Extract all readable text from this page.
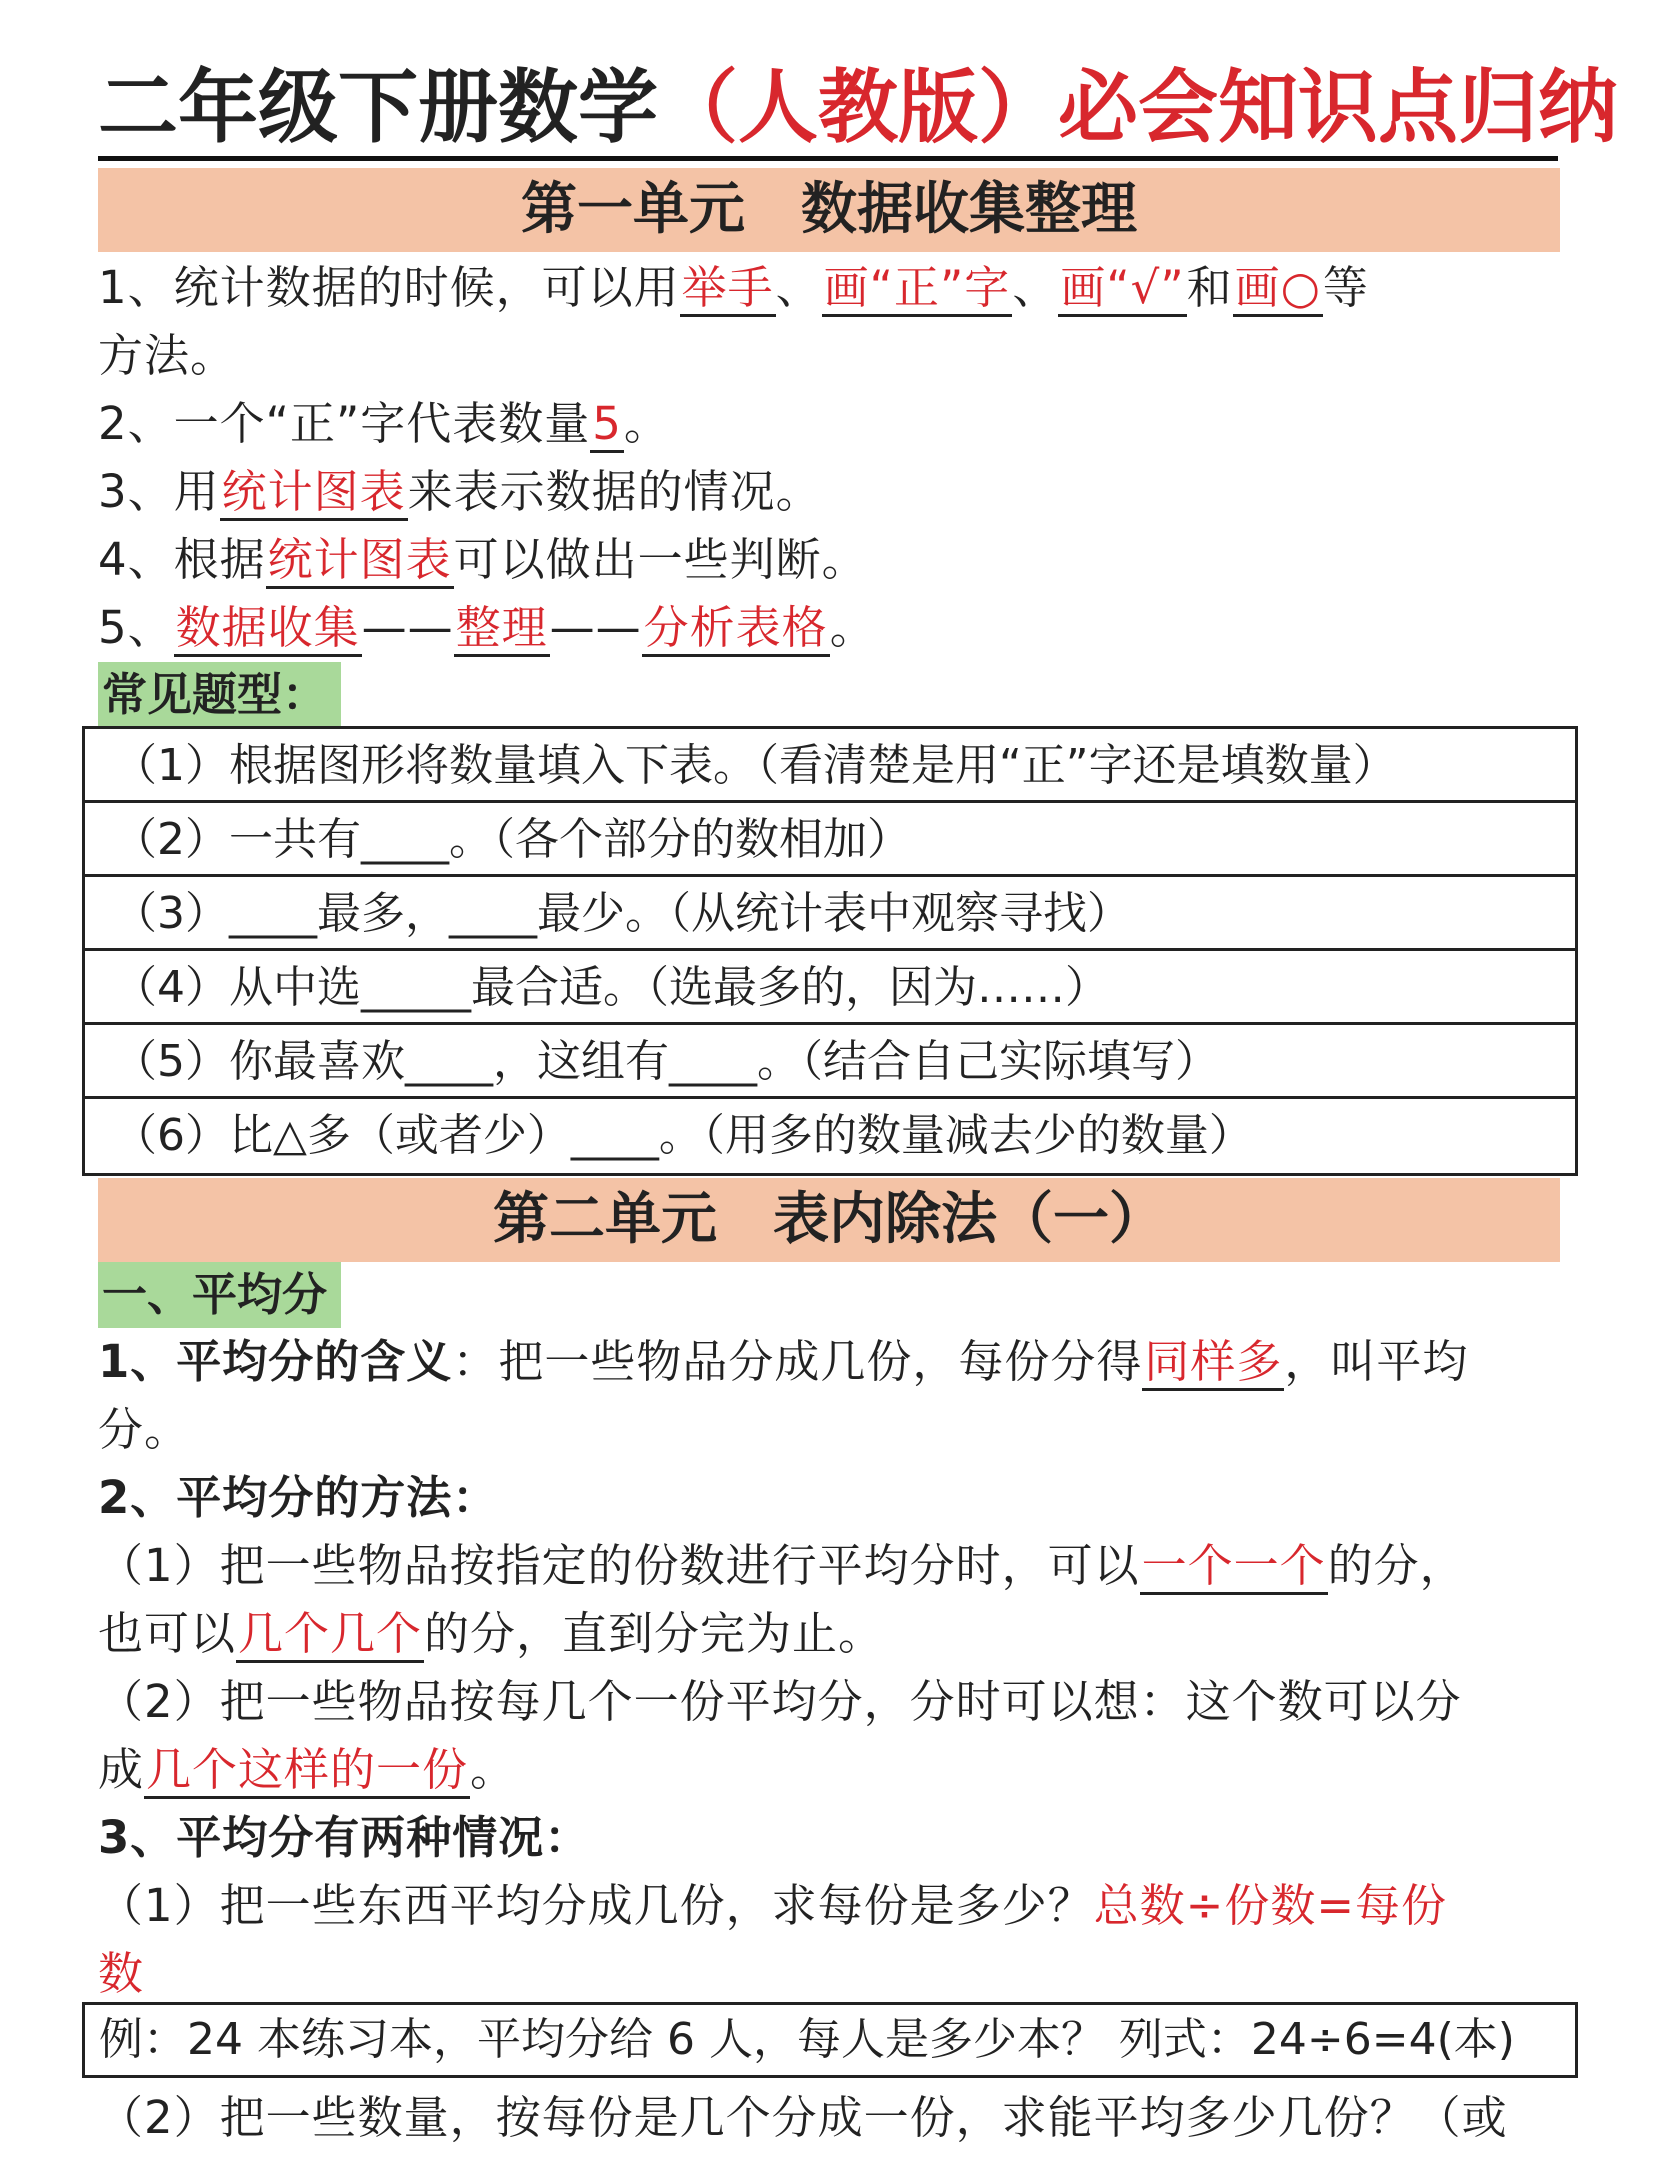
二年级下册数学（人教版）必会知识点归纳
第一单元　数据收集整理
1、统计数据的时候，可以用举手、画“正”字、画“√”和画○等
方法。
2、一个“正”字代表数量5。
3、用统计图表来表示数据的情况。
4、根据统计图表可以做出一些判断。
5、数据收集——整理——分析表格。
常见题型：
（1）根据图形将数量填入下表。（看清楚是用“正”字还是填数量）
（2）一共有____。（各个部分的数相加）
（3）____最多，____最少。（从统计表中观察寻找）
（4）从中选_____最合适。（选最多的，因为……）
（5）你最喜欢____，这组有____。（结合自己实际填写）
（6）比△多（或者少）____。（用多的数量减去少的数量）
第二单元　表内除法（一）
一、平均分
1、平均分的含义：把一些物品分成几份，每份分得同样多，叫平均
分。
2、平均分的方法：
（1）把一些物品按指定的份数进行平均分时，可以一个一个的分，
也可以几个几个的分，直到分完为止。
（2）把一些物品按每几个一份平均分，分时可以想：这个数可以分
成几个这样的一份。
3、平均分有两种情况：
（1）把一些东西平均分成几份，求每份是多少？总数÷份数=每份
数
例：24 本练习本，平均分给 6 人，每人是多少本？ 列式：24÷6=4(本)
（2）把一些数量，按每份是几个分成一份，求能平均多少几份？（或
